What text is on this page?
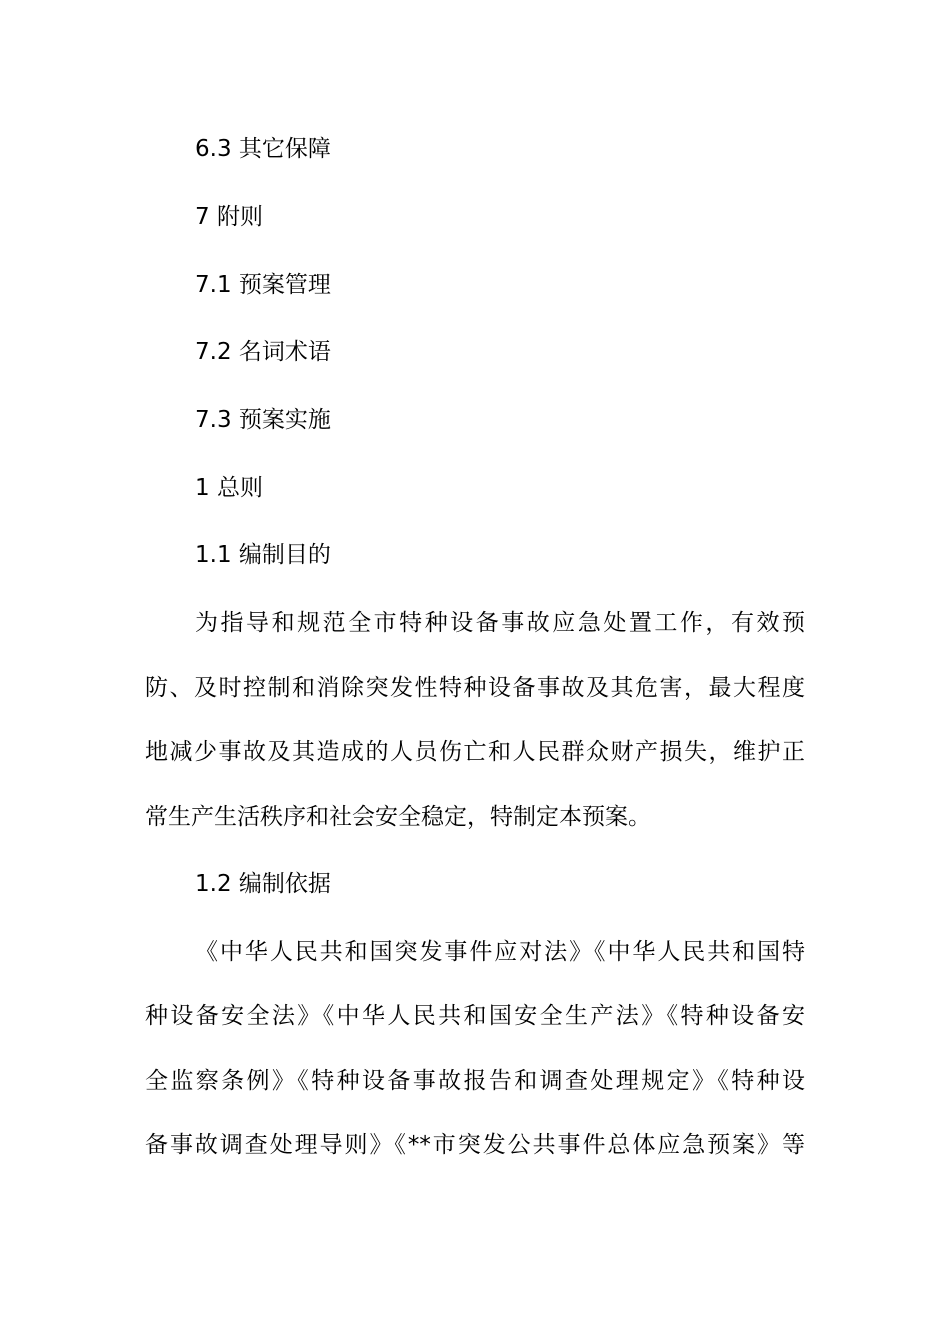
6.3 其它保障
7 附则
7.1 预案管理
7.2 名词术语
7.3 预案实施
1 总则
1.1 编制目的
为指导和规范全市特种设备事故应急处置工作，有效预
防、及时控制和消除突发性特种设备事故及其危害，最大程度
地减少事故及其造成的人员伤亡和人民群众财产损失，维护正
常生产生活秩序和社会安全稳定，特制定本预案。
1.2 编制依据
《中华人民共和国突发事件应对法》《中华人民共和国特
种设备安全法》《中华人民共和国安全生产法》《特种设备安
全监察条例》《特种设备事故报告和调查处理规定》《特种设
备事故调查处理导则》《**市突发公共事件总体应急预案》等
